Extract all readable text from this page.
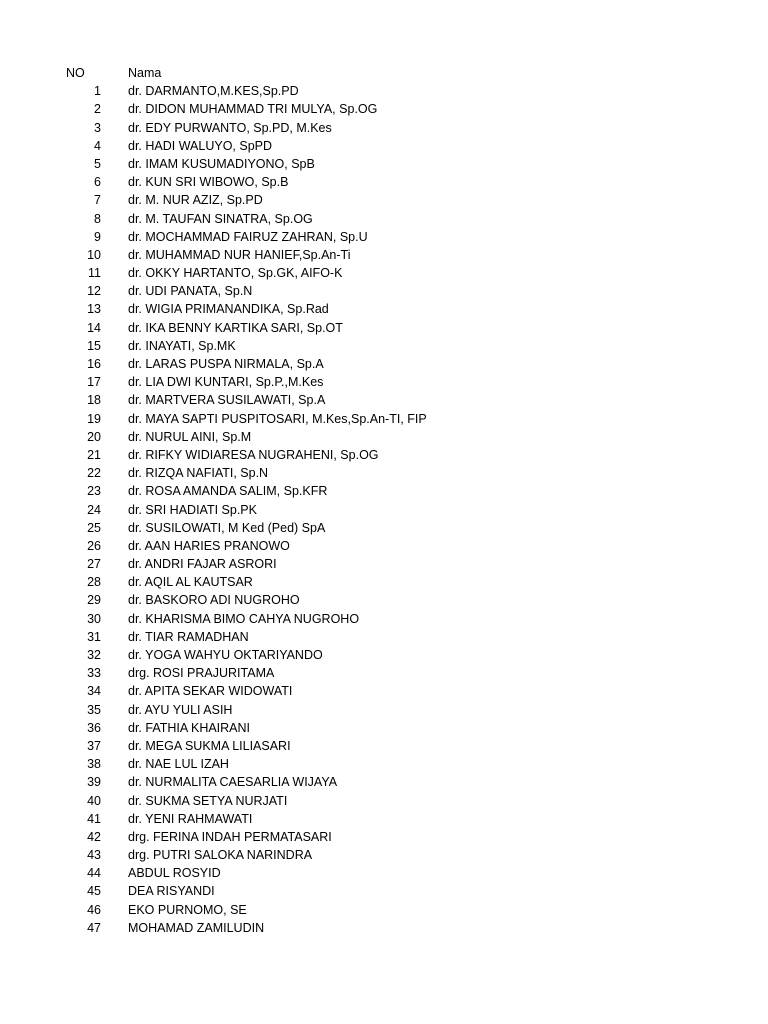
NO	Nama
1 dr. DARMANTO,M.KES,Sp.PD
2 dr. DIDON MUHAMMAD TRI MULYA, Sp.OG
3 dr. EDY PURWANTO, Sp.PD, M.Kes
4 dr. HADI WALUYO, SpPD
5 dr. IMAM KUSUMADIYONO, SpB
6 dr. KUN SRI WIBOWO, Sp.B
7 dr. M. NUR AZIZ, Sp.PD
8 dr. M. TAUFAN SINATRA, Sp.OG
9 dr. MOCHAMMAD FAIRUZ ZAHRAN, Sp.U
10 dr. MUHAMMAD NUR HANIEF,Sp.An-Ti
11 dr. OKKY HARTANTO, Sp.GK, AIFO-K
12 dr. UDI PANATA, Sp.N
13 dr. WIGIA PRIMANANDIKA, Sp.Rad
14 dr. IKA BENNY KARTIKA SARI, Sp.OT
15 dr. INAYATI, Sp.MK
16 dr. LARAS PUSPA NIRMALA, Sp.A
17 dr. LIA DWI KUNTARI, Sp.P.,M.Kes
18 dr. MARTVERA SUSILAWATI, Sp.A
19 dr. MAYA SAPTI PUSPITOSARI, M.Kes,Sp.An-TI, FIP
20 dr. NURUL AINI, Sp.M
21 dr. RIFKY WIDIARESA NUGRAHENI, Sp.OG
22 dr. RIZQA NAFIATI, Sp.N
23 dr. ROSA AMANDA SALIM, Sp.KFR
24 dr. SRI HADIATI Sp.PK
25 dr. SUSILOWATI, M Ked (Ped) SpA
26 dr. AAN HARIES PRANOWO
27 dr. ANDRI FAJAR ASRORI
28 dr. AQIL AL KAUTSAR
29 dr. BASKORO ADI NUGROHO
30 dr. KHARISMA BIMO CAHYA NUGROHO
31 dr. TIAR RAMADHAN
32 dr. YOGA WAHYU OKTARIYANDO
33 drg. ROSI PRAJURITAMA
34 dr. APITA SEKAR WIDOWATI
35 dr. AYU YULI ASIH
36 dr. FATHIA KHAIRANI
37 dr. MEGA SUKMA LILIASARI
38 dr. NAE LUL IZAH
39 dr. NURMALITA CAESARLIA WIJAYA
40 dr. SUKMA SETYA NURJATI
41 dr. YENI RAHMAWATI
42 drg. FERINA INDAH PERMATASARI
43 drg. PUTRI SALOKA NARINDRA
44 ABDUL ROSYID
45 DEA RISYANDI
46 EKO PURNOMO, SE
47 MOHAMAD ZAMILUDIN
